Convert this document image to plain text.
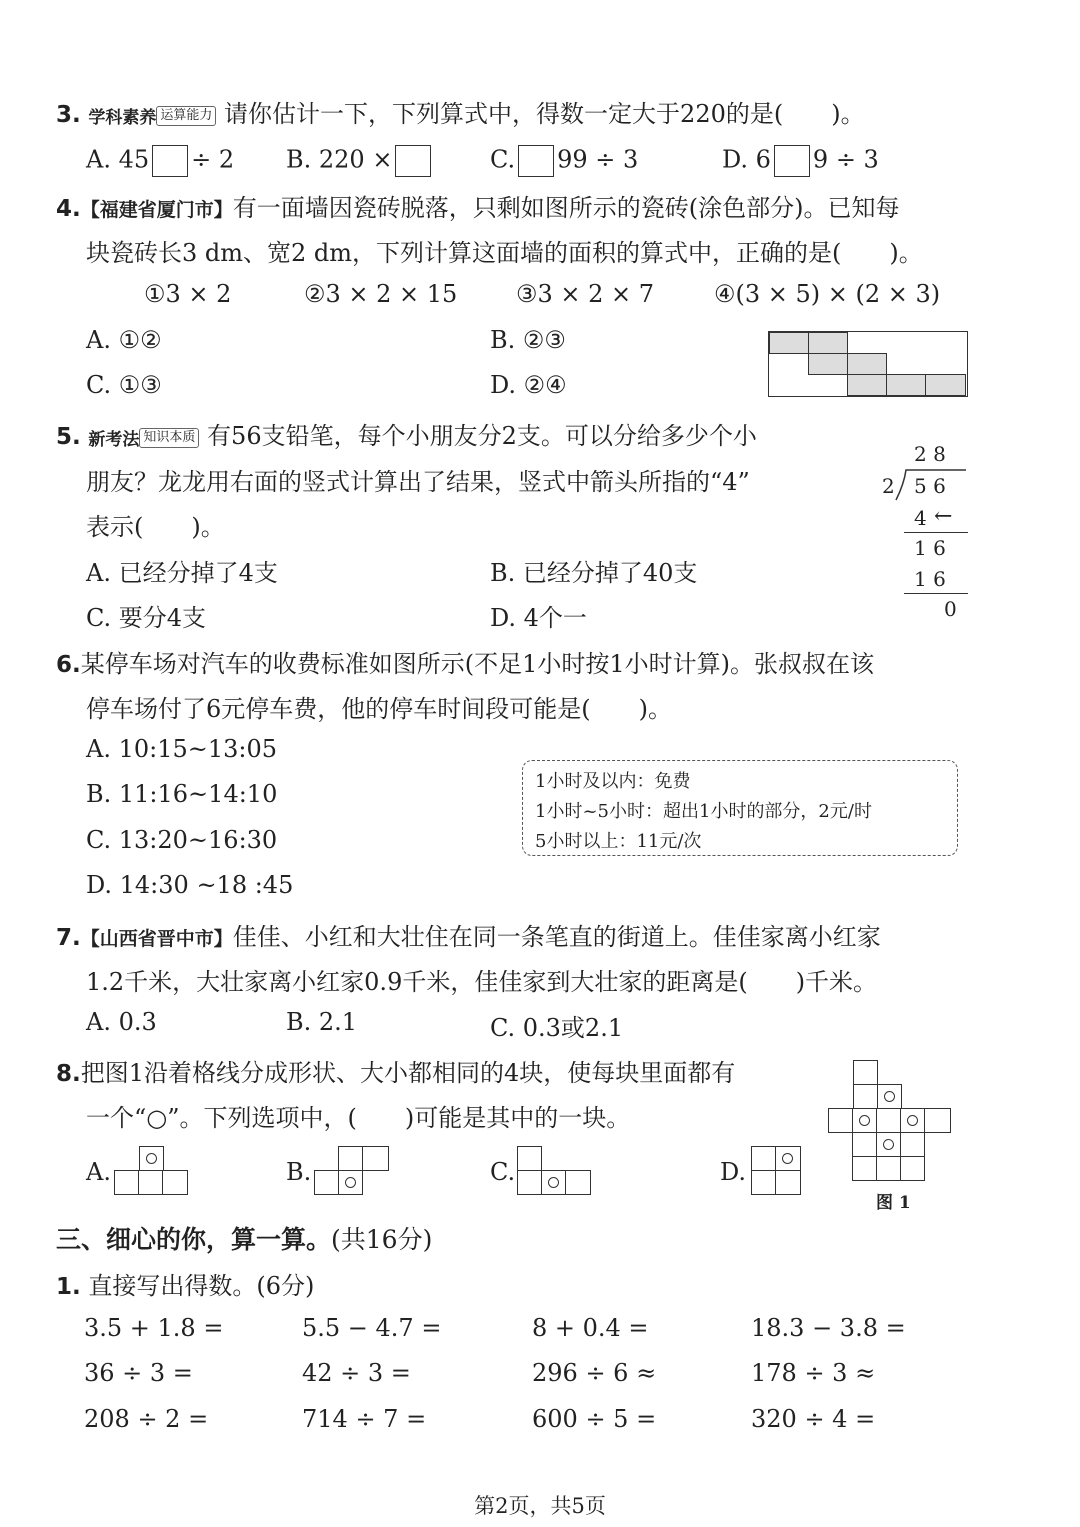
3. 学科素养 运算能力 请你估计一下，下列算式中，得数一定大于220的是(　　)。
A. 45 ÷ 2 B. 220 ×	C. 99 ÷ 3	D. 6 9 ÷ 3
4.【福建省厦门市】有一面墙因瓷砖脱落，只剩如图所示的瓷砖(涂色部分)。已知每
块瓷砖长3 dm、宽2 dm，下列计算这面墙的面积的算式中，正确的是(　　)。
①3 × 2	②3 × 2 × 15 ③3 × 2 × 7 ④(3 × 5) × (2 × 3)
A. ①②	B. ②③
C. ①③	D. ②④
5. 新考法 知识本质 有56支铅笔，每个小朋友分2支。可以分给多少个小
朋友？龙龙用右面的竖式计算出了结果，竖式中箭头所指的“4”
表示(　　)。
A. 已经分掉了4支	B. 已经分掉了40支
C. 要分4支	D. 4个一
2 8
2 5 6
4 ←
1 6
1 6
0
6.某停车场对汽车的收费标准如图所示(不足1小时按1小时计算)。张叔叔在该
停车场付了6元停车费，他的停车时间段可能是(　　)。
A. 10:15~13:05
B. 11:16~14:10
C. 13:20~16:30
D. 14:30 ~18 :45
1小时及以内：免费
1小时~5小时：超出1小时的部分，2元/时
5小时以上：11元/次
7.【山西省晋中市】佳佳、小红和大壮住在同一条笔直的街道上。佳佳家离小红家
1.2千米，大壮家离小红家0.9千米，佳佳家到大壮家的距离是(　　)千米。
A. 0.3	B. 2.1	C. 0.3或2.1
8.把图1沿着格线分成形状、大小都相同的4块，使每块里面都有
一个“○”。下列选项中，(　　)可能是其中的一块。
A.	B.	C.	D.
图 1
三、细心的你，算一算。(共16分)
1. 直接写出得数。(6分)
3.5 + 1.8 =	5.5 − 4.7 =	8 + 0.4 =	18.3 − 3.8 =
36 ÷ 3 =	42 ÷ 3 =	296 ÷ 6 ≈	178 ÷ 3 ≈
208 ÷ 2 =	714 ÷ 7 =	600 ÷ 5 =	320 ÷ 4 =
第2页，共5页
